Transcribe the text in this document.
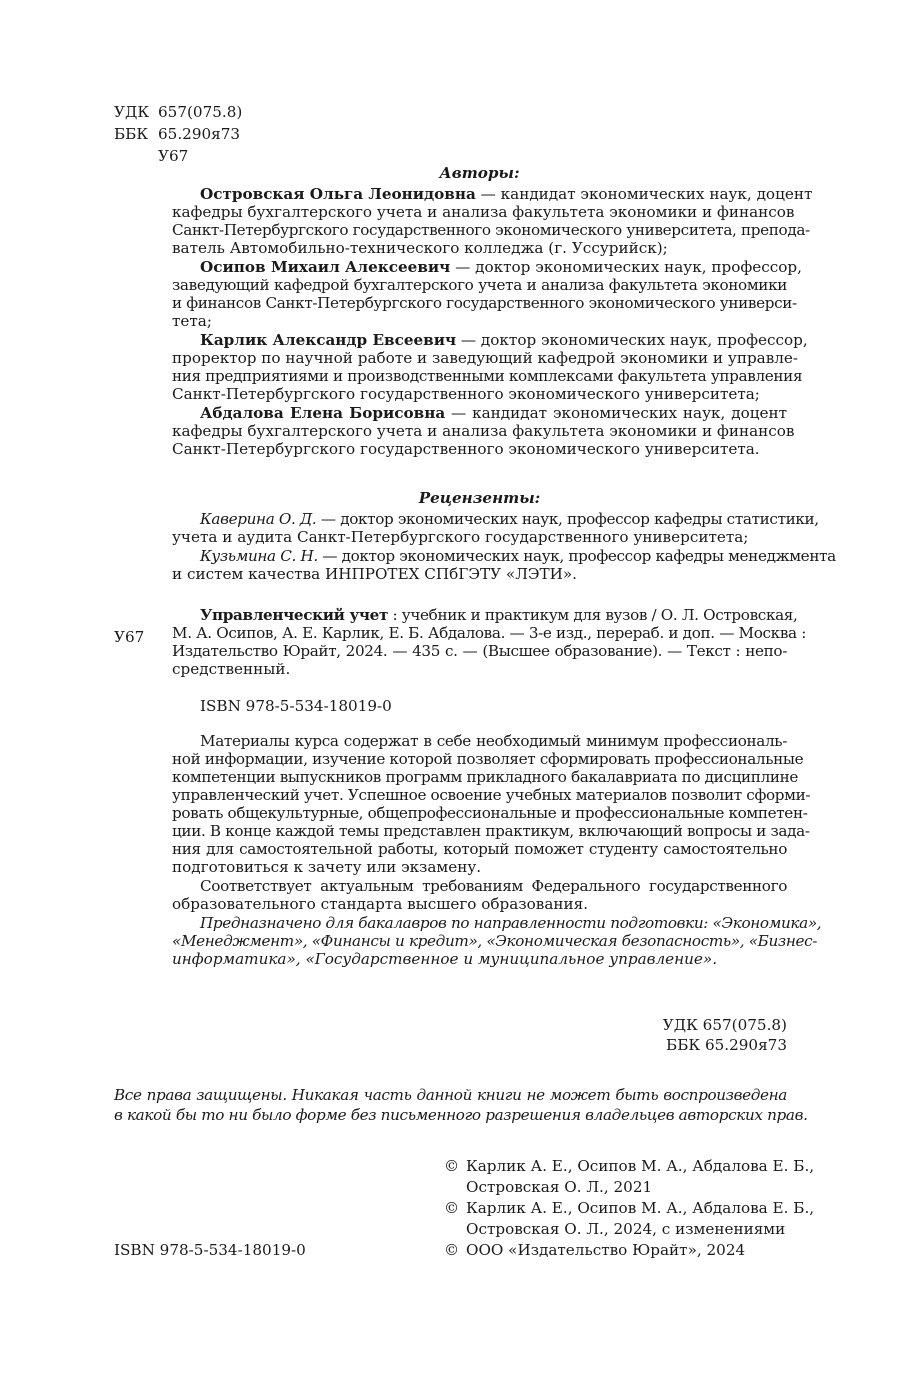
УДК 657(075.8)
ББК 65.290я73
У67
Авторы:
Островская Ольга Леонидовна — кандидат экономических наук, доцент
кафедры бухгалтерского учета и анализа факультета экономики и финансов
Санкт-Петербургского государственного экономического университета, препода-
ватель Автомобильно-технического колледжа (г. Уссурийск);
Осипов Михаил Алексеевич — доктор экономических наук, профессор,
заведующий кафедрой бухгалтерского учета и анализа факультета экономики
и финансов Санкт-Петербургского государственного экономического универси-
тета;
Карлик Александр Евсеевич — доктор экономических наук, профессор,
проректор по научной работе и заведующий кафедрой экономики и управле-
ния предприятиями и производственными комплексами факультета управления
Санкт-Петербургского государственного экономического университета;
Абдалова Елена Борисовна — кандидат экономических наук, доцент
кафедры бухгалтерского учета и анализа факультета экономики и финансов
Санкт-Петербургского государственного экономического университета.
Рецензенты:
Каверина О. Д. — доктор экономических наук, профессор кафедры статистики,
учета и аудита Санкт-Петербургского государственного университета;
Кузьмина С. Н. — доктор экономических наук, профессор кафедры менеджмента
и систем качества ИНПРОТЕХ СПбГЭТУ «ЛЭТИ».
У67
Управленческий учет : учебник и практикум для вузов / О. Л. Островская,
М. А. Осипов, А. Е. Карлик, Е. Б. Абдалова. — 3-е изд., перераб. и доп. — Москва :
Издательство Юрайт, 2024. — 435 с. — (Высшее образование). — Текст : непо-
средственный.
ISBN 978-5-534-18019-0
Материалы курса содержат в себе необходимый минимум профессиональ-
ной информации, изучение которой позволяет сформировать профессиональные
компетенции выпускников программ прикладного бакалавриата по дисциплине
управленческий учет. Успешное освоение учебных материалов позволит сформи-
ровать общекультурные, общепрофессиональные и профессиональные компетен-
ции. В конце каждой темы представлен практикум, включающий вопросы и зада-
ния для самостоятельной работы, который поможет студенту самостоятельно
подготовиться к зачету или экзамену.
Соответствует актуальным требованиям Федерального государственного
образовательного стандарта высшего образования.
Предназначено для бакалавров по направленности подготовки: «Экономика»,
«Менеджмент», «Финансы и кредит», «Экономическая безопасность», «Бизнес-
информатика», «Государственное и муниципальное управление».
УДК 657(075.8)
ББК 65.290я73
Все права защищены. Никакая часть данной книги не может быть воспроизведена
в какой бы то ни было форме без письменного разрешения владельцев авторских прав.
ISBN 978-5-534-18019-0
© Карлик А. Е., Осипов М. А., Абдалова Е. Б.,
Островская О. Л., 2021
© Карлик А. Е., Осипов М. А., Абдалова Е. Б.,
Островская О. Л., 2024, с изменениями
© ООО «Издательство Юрайт», 2024
